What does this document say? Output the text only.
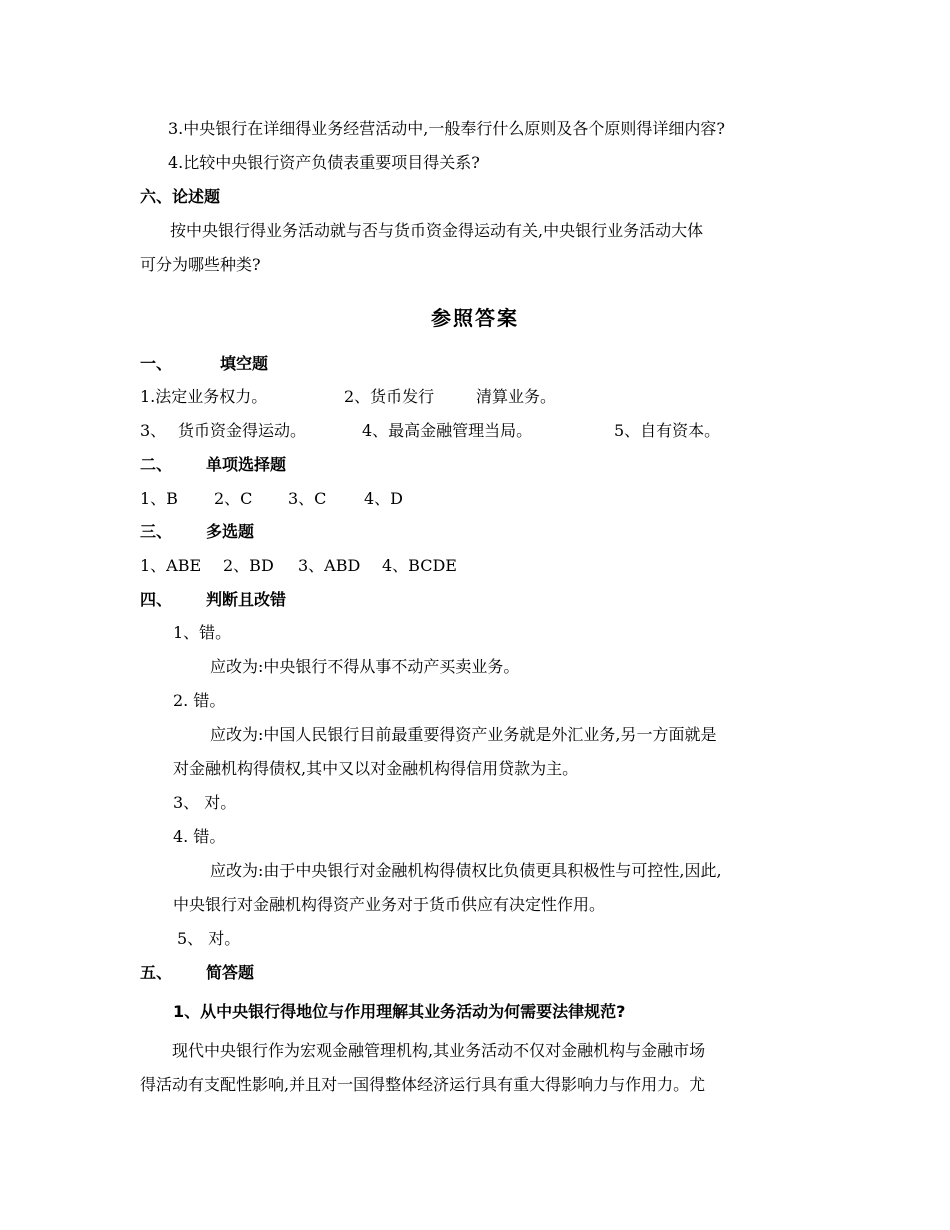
3.中央银行在详细得业务经营活动中,一般奉行什么原则及各个原则得详细内容?
4.比较中央银行资产负债表重要项目得关系?
六、论述题
按中央银行得业务活动就与否与货币资金得运动有关,中央银行业务活动大体
可分为哪些种类?
参照答案
一、	填空题
1.法定业务权力。	2、货币发行	清算业务。
3、 货币资金得运动。	4、最高金融管理当局。	5、自有资本。
二、 单项选择题
1、B 2、C 3、C 4、D
三、 多选题
1、ABE 2、BD 3、ABD 4、BCDE
四、 判断且改错
1、错。
应改为:中央银行不得从事不动产买卖业务。
2. 错。
应改为:中国人民银行目前最重要得资产业务就是外汇业务,另一方面就是
对金融机构得债权,其中又以对金融机构得信用贷款为主。
3、 对。
4. 错。
应改为:由于中央银行对金融机构得债权比负债更具积极性与可控性,因此,
中央银行对金融机构得资产业务对于货币供应有决定性作用。
5、 对。
五、 简答题
1、从中央银行得地位与作用理解其业务活动为何需要法律规范?
现代中央银行作为宏观金融管理机构,其业务活动不仅对金融机构与金融市场
得活动有支配性影响,并且对一国得整体经济运行具有重大得影响力与作用力。尤
